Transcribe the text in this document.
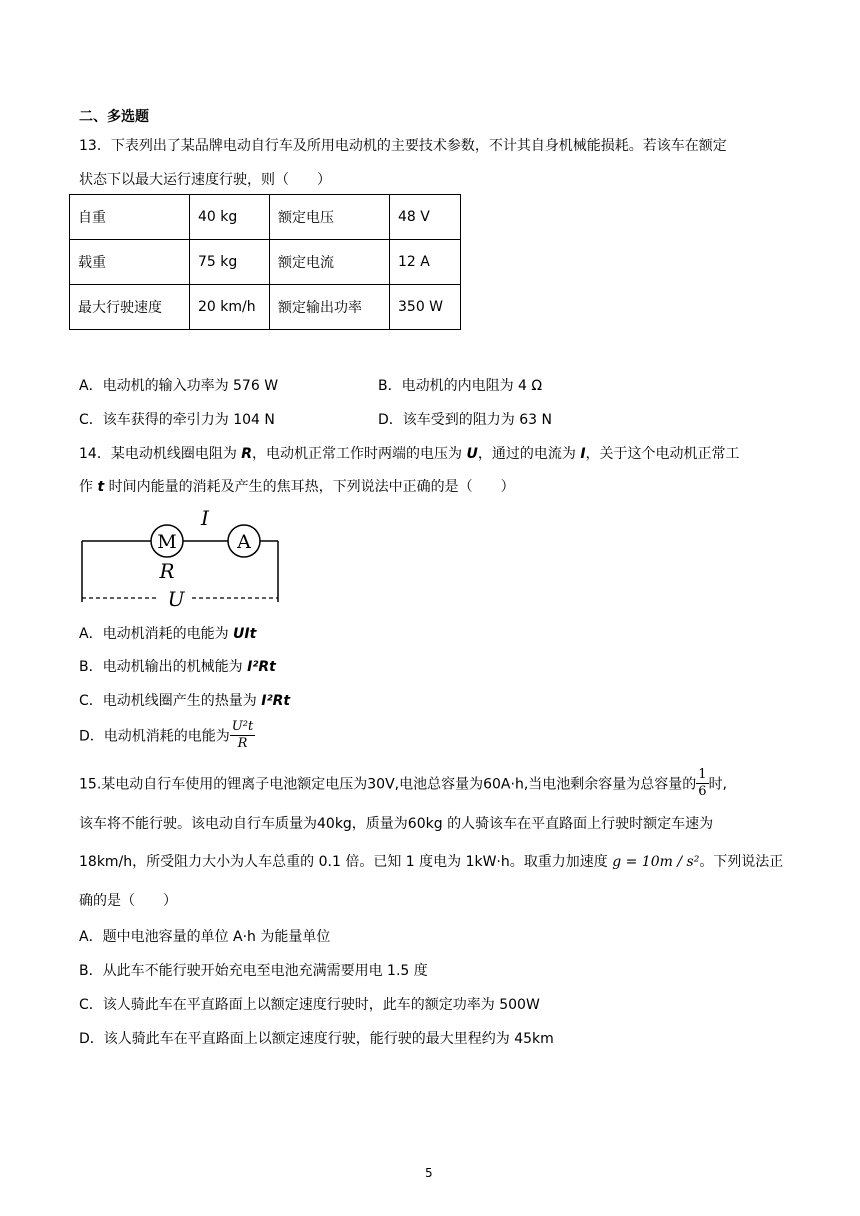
二、多选题
13．下表列出了某品牌电动自行车及所用电动机的主要技术参数，不计其自身机械能损耗。若该车在额定
状态下以最大运行速度行驶，则（　　）
自重	40 kg	额定电压	48 V
载重	75 kg	额定电流	12 A
最大行驶速度	20 km/h	额定输出功率	350 W
A．电动机的输入功率为 576 W	B．电动机的内电阻为 4 Ω
C．该车获得的牵引力为 104 N	D．该车受到的阻力为 63 N
14．某电动机线圈电阻为 R，电动机正常工作时两端的电压为 U，通过的电流为 I，关于这个电动机正常工
作 t 时间内能量的消耗及产生的焦耳热，下列说法中正确的是（　　）
M	A
I
R
U
A．电动机消耗的电能为 UIt
B．电动机输出的机械能为 I²Rt
C．电动机线圈产生的热量为 I²Rt
D．电动机消耗的电能为 $\frac{\text{U²t}}{R}$
15.某电动自行车使用的锂离子电池额定电压为30V,电池总容量为60A·h,当电池剩余容量为总容量的 $\frac{1}{6}$ 时,
该车将不能行驶。该电动自行车质量为40kg，质量为60kg 的人骑该车在平直路面上行驶时额定车速为
18km/h，所受阻力大小为人车总重的 0.1 倍。已知 1 度电为 1kW·h。取重力加速度 g = 10m / s²。下列说法正
确的是（　　）
A．题中电池容量的单位 A·h 为能量单位
B．从此车不能行驶开始充电至电池充满需要用电 1.5 度
C．该人骑此车在平直路面上以额定速度行驶时，此车的额定功率为 500W
D．该人骑此车在平直路面上以额定速度行驶，能行驶的最大里程约为 45km
5
